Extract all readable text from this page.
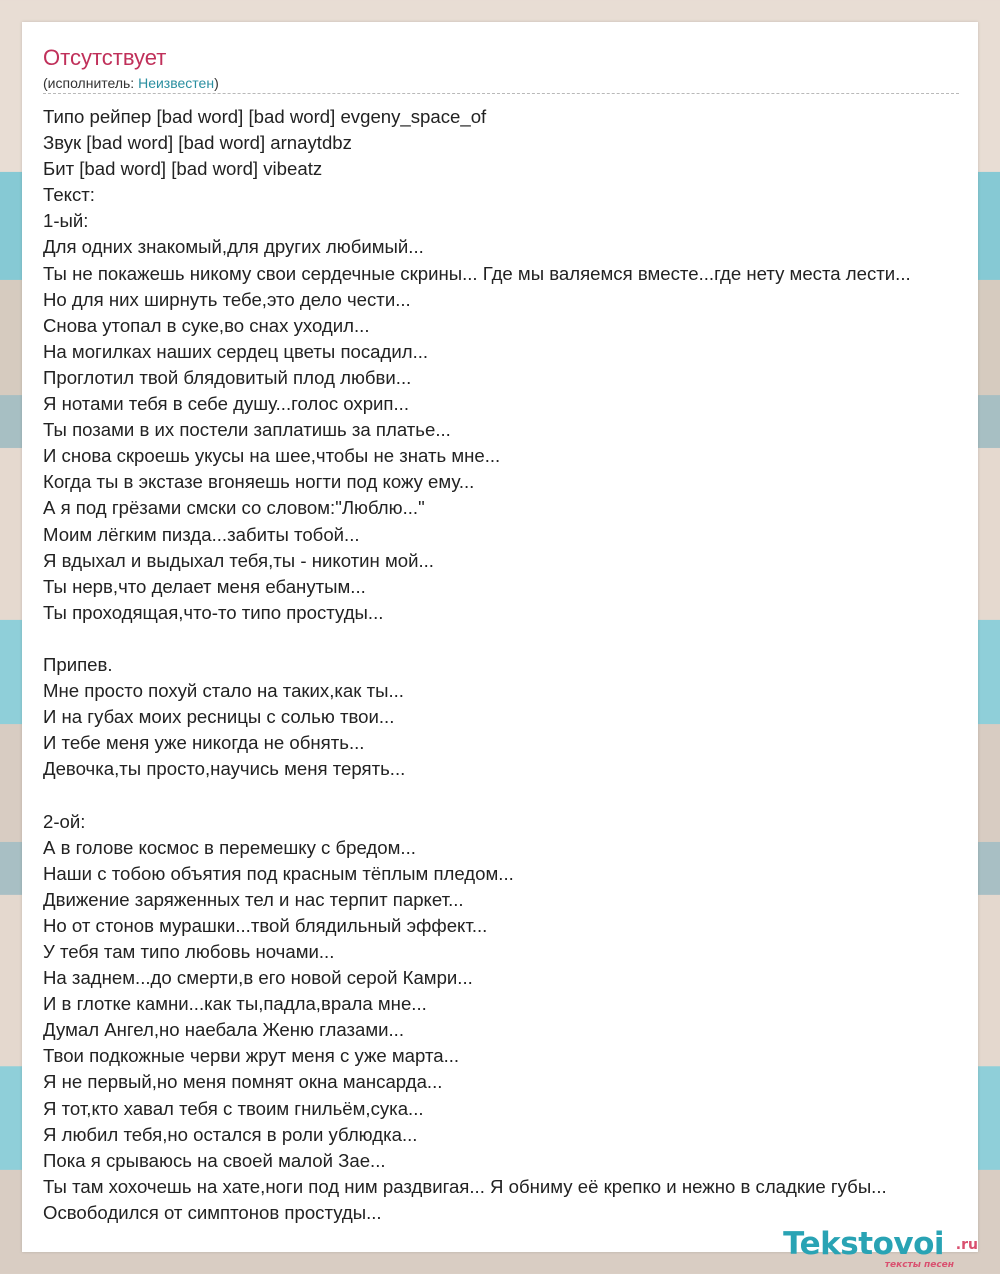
Отсутствует
(исполнитель: Неизвестен)
Типо рейпер [bad word] [bad word] evgeny_space_of
Звук [bad word] [bad word] arnaytdbz
Бит [bad word] [bad word] vibeatz
Текст:
1-ый:
Для одних знакомый,для других любимый...
Ты не покажешь никому свои сердечные скрины... Где мы валяемся вместе...где нету места лести...
Но для них ширнуть тебе,это дело чести...
Снова утопал в суке,во снах уходил...
На могилках наших сердец цветы посадил...
Проглотил твой блядовитый плод любви...
Я нотами тебя в себе душу...голос охрип...
Ты позами в их постели заплатишь за платье...
И снова скроешь укусы на шее,чтобы не знать мне...
Когда ты в экстазе вгоняешь ногти под кожу ему...
А я под грёзами смски со словом:"Люблю..."
Моим лёгким пизда...забиты тобой...
Я вдыхал и выдыхал тебя,ты - никотин мой...
Ты нерв,что делает меня ебанутым...
Ты проходящая,что-то типо простуды...
Припев.
Мне просто похуй стало на таких,как ты...
И на губах моих ресницы с солью твои...
И тебе меня уже никогда не обнять...
Девочка,ты просто,научись меня терять...
2-ой:
А в голове космос в перемешку с бредом...
Наши с тобою объятия под красным тёплым пледом...
Движение заряженных тел и нас терпит паркет...
Но от стонов мурашки...твой блядильный эффект...
У тебя там типо любовь ночами...
На заднем...до смерти,в его новой серой Камри...
И в глотке камни...как ты,падла,врала мне...
Думал Ангел,но наебала Женю глазами...
Твои подкожные черви жрут меня с уже марта...
Я не первый,но меня помнят окна мансарда...
Я тот,кто хавал тебя с твоим гнильём,сука...
Я любил тебя,но остался в роли ублюдка...
Пока я срываюсь на своей малой Зае...
Ты там хохочешь на хате,ноги под ним раздвигая... Я обниму её крепко и нежно в сладкие губы...
Освободился от симптонов простуды...
Tekstovoi .ru
тексты песен
